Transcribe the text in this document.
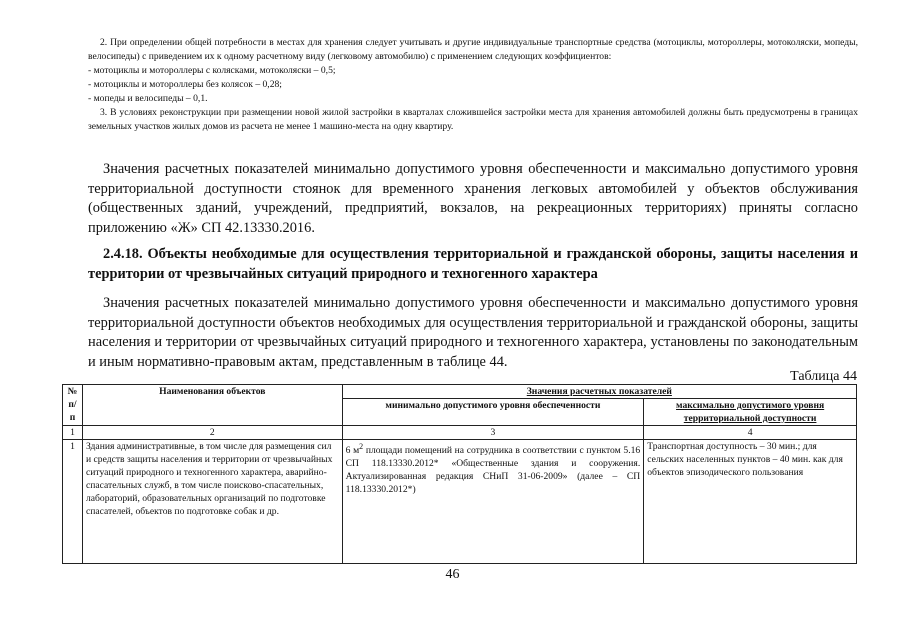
2. При определении общей потребности в местах для хранения следует учитывать и другие индивидуальные транспортные средства (мотоциклы, мотороллеры, мотоколяски, мопеды, велосипеды) с приведением их к одному расчетному виду (легковому автомобилю) с применением следующих коэффициентов:

- мотоциклы и мотороллеры с колясками, мотоколяски – 0,5;

- мотоциклы и мотороллеры без колясок – 0,28;

- мопеды и велосипеды – 0,1.

3. В условиях реконструкции при размещении новой жилой застройки в кварталах сложившейся застройки места для хранения автомобилей должны быть предусмотрены в границах земельных участков жилых домов из расчета не менее 1 машино-места на одну квартиру.

Значения расчетных показателей минимально допустимого уровня обеспеченности и максимально допустимого уровня территориальной доступности стоянок для временного хранения легковых автомобилей у объектов обслуживания (общественных зданий, учреждений, предприятий, вокзалов, на рекреационных территориях) приняты согласно приложению «Ж» СП 42.13330.2016.

2.4.18. Объекты необходимые для осуществления территориальной и гражданской обороны, защиты населения и территории от чрезвычайных ситуаций природного и техногенного характера

Значения расчетных показателей минимально допустимого уровня обеспеченности и максимально допустимого уровня территориальной доступности объектов необходимых для осуществления территориальной и гражданской обороны, защиты населения и территории от чрезвычайных ситуаций природного и техногенного характера, установлены по законодательным и иным нормативно-правовым актам, представленным в таблице 44.

Таблица 44
№ п/п	Наименования объектов	Значения расчетных показателей	
		минимально допустимого уровня обеспеченности	максимально допустимого уровня территориальной доступности
1	2	3	4
1	Здания административные, в том числе для размещения сил и средств защиты населения и территории от чрезвычайных ситуаций природного и техногенного характера, аварийно-спасательных служб, в том числе поисково-спасательных, лабораторий, образовательных организаций по подготовке спасателей, объектов по подготовке собак и др.	6 $м^2$ площади помещений на сотрудника в соответствии с пунктом 5.16 СП 118.13330.2012* «Общественные здания и сооружения. Актуализированная редакция СНиП 31-06-2009» (далее – СП 118.13330.2012*)	Транспортная доступность – 30 мин.; для сельских населенных пунктов – 40 мин. как для объектов эпизодического пользования
46
